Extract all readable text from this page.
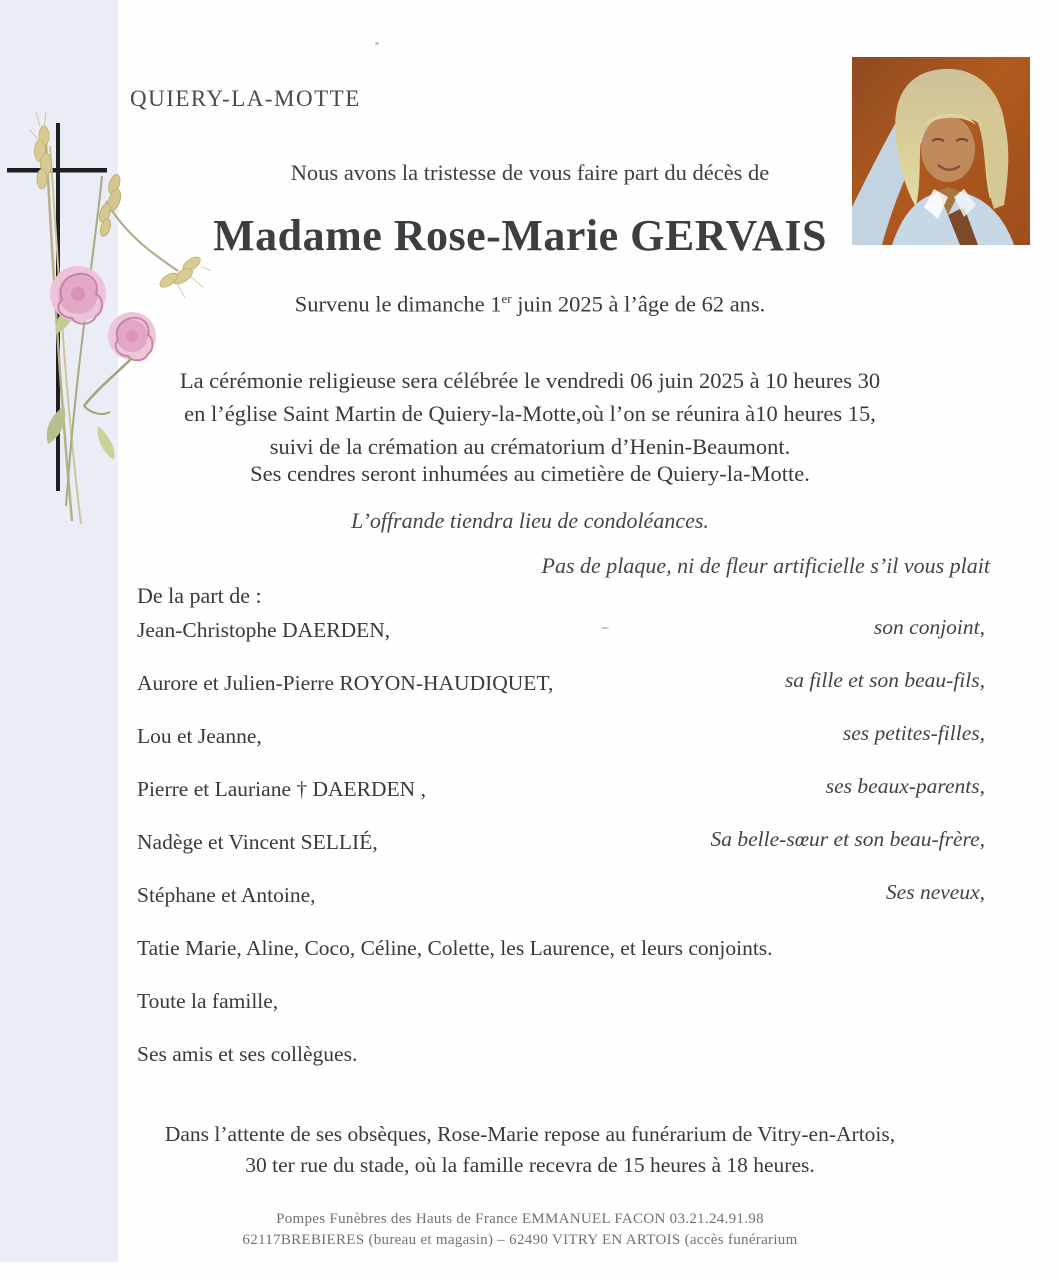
QUIERY-LA-MOTTE
Nous avons la tristesse de vous faire part du décès de
Madame Rose-Marie GERVAIS
Survenu le dimanche 1er juin 2025 à l’âge de 62 ans.
La cérémonie religieuse sera célébrée le vendredi 06 juin 2025 à 10 heures 30
en l’église Saint Martin de Quiery-la-Motte,où l’on se réunira à10 heures 15,
suivi de la crémation au crématorium d’Henin-Beaumont.
Ses cendres seront inhumées au cimetière de Quiery-la-Motte.
L’offrande tiendra lieu de condoléances.
Pas de plaque, ni de fleur artificielle s’il vous plait
De la part de :
Jean-Christophe DAERDEN,	son conjoint,
Aurore et Julien-Pierre ROYON-HAUDIQUET,	sa fille et son beau-fils,
Lou et Jeanne,	ses petites-filles,
Pierre et Lauriane † DAERDEN ,	ses beaux-parents,
Nadège et Vincent SELLIÉ,	Sa belle-sœur et son beau-frère,
Stéphane et Antoine,	Ses neveux,
Tatie Marie, Aline, Coco, Céline, Colette, les Laurence, et leurs conjoints.
Toute la famille,
Ses amis et ses collègues.
Dans l’attente de ses obsèques, Rose-Marie repose au funérarium de Vitry-en-Artois,
30 ter rue du stade, où la famille recevra de 15 heures à 18 heures.
Pompes Funèbres des Hauts de France EMMANUEL FACON 03.21.24.91.98
62117BREBIERES (bureau et magasin) – 62490 VITRY EN ARTOIS (accès funérarium
